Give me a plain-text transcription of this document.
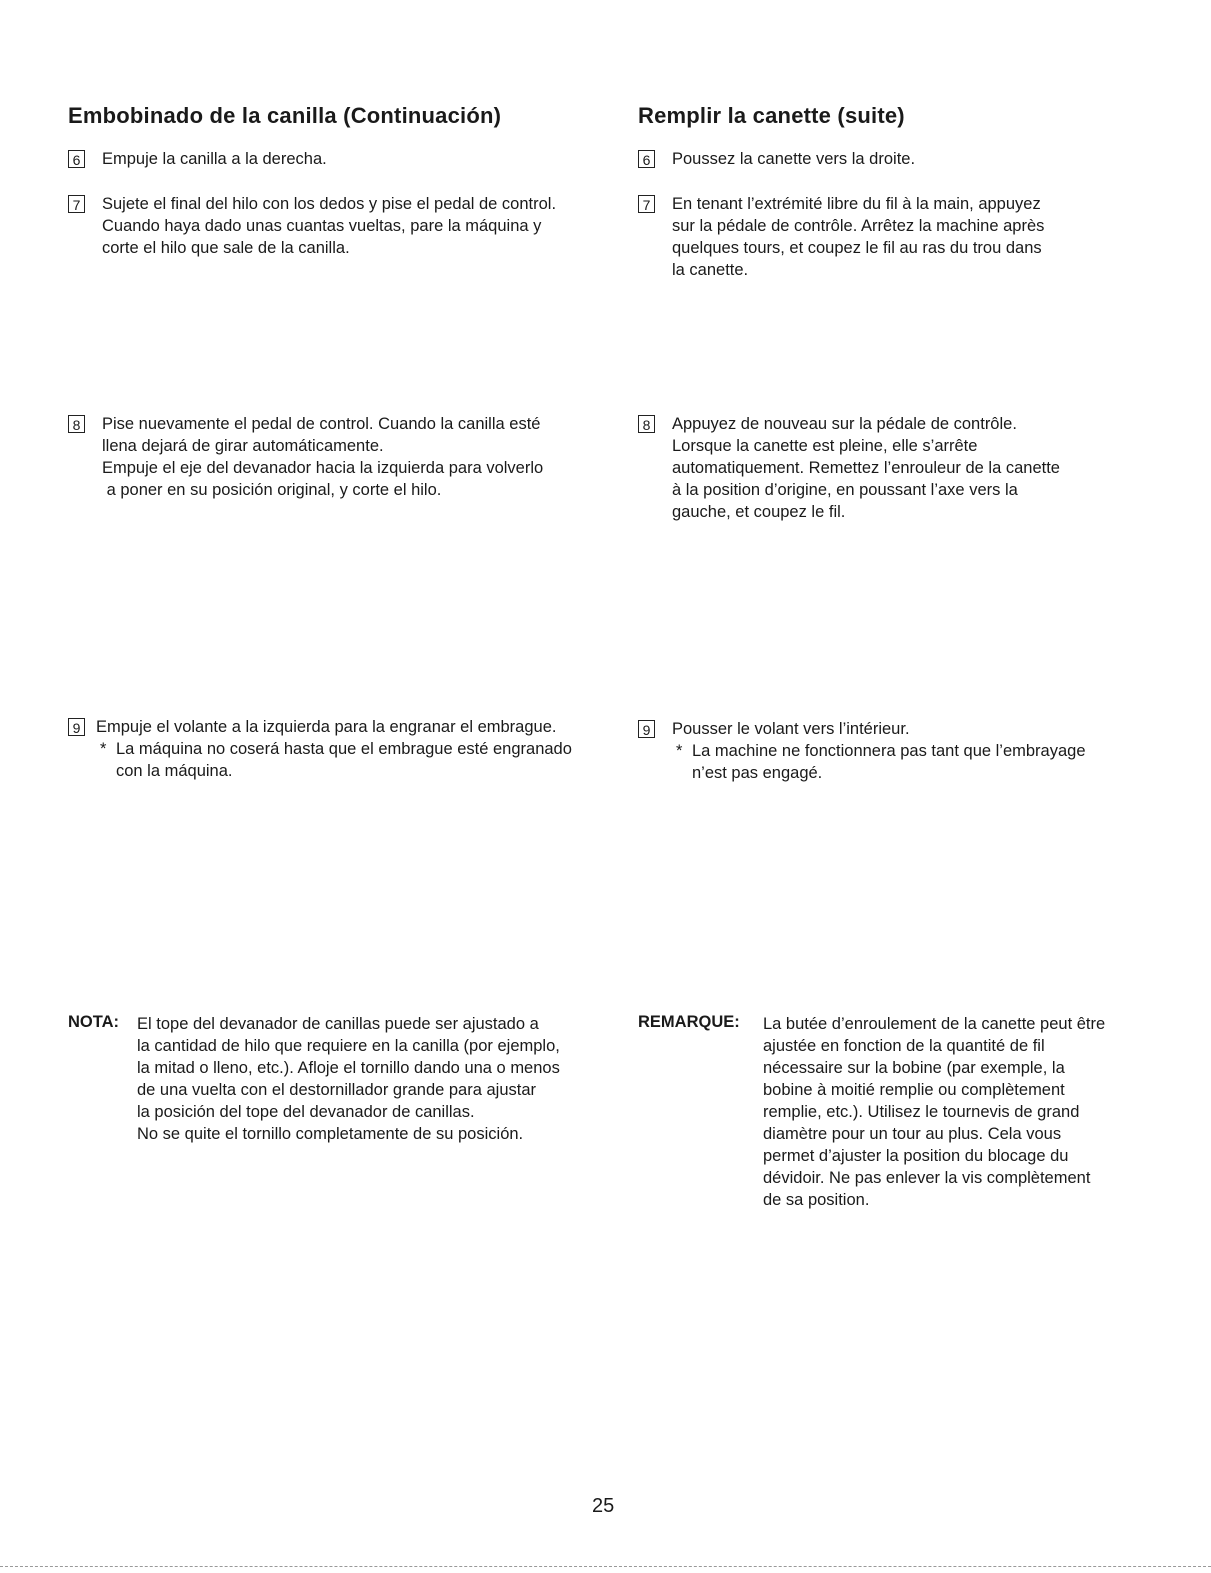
Embobinado de la canilla (Continuación)
6 Empuje la canilla a la derecha.
7 Sujete el final del hilo con los dedos y pise el pedal de control.
Cuando haya dado unas cuantas vueltas, pare la máquina y
corte el hilo que sale de la canilla.
8 Pise nuevamente el pedal de control. Cuando la canilla esté
llena dejará de girar automáticamente.
Empuje el eje del devanador hacia la izquierda para volverlo
a poner en su posición original, y corte el hilo.
9 Empuje el volante a la izquierda para la engranar el embrague.
* La máquina no coserá hasta que el embrague esté engranado
con la máquina.
NOTA: El tope del devanador de canillas puede ser ajustado a
la cantidad de hilo que requiere en la canilla (por ejemplo,
la mitad o lleno, etc.). Afloje el tornillo dando una o menos
de una vuelta con el destornillador grande para ajustar
la posición del tope del devanador de canillas.
No se quite el tornillo completamente de su posición.
Remplir la canette (suite)
6 Poussez la canette vers la droite.
7 En tenant l’extrémité libre du fil à la main, appuyez
sur la pédale de contrôle. Arrêtez la machine après
quelques tours, et coupez le fil au ras du trou dans
la canette.
8 Appuyez de nouveau sur la pédale de contrôle.
Lorsque la canette est pleine, elle s’arrête
automatiquement. Remettez l’enrouleur de la canette
à la position d’origine, en poussant l’axe vers la
gauche, et coupez le fil.
9 Pousser le volant vers l’intérieur.
* La machine ne fonctionnera pas tant que l’embrayage
n’est pas engagé.
REMARQUE: La butée d’enroulement de la canette peut être
ajustée en fonction de la quantité de fil
nécessaire sur la bobine (par exemple, la
bobine à moitié remplie ou complètement
remplie, etc.). Utilisez le tournevis de grand
diamètre pour un tour au plus. Cela vous
permet d’ajuster la position du blocage du
dévidoir. Ne pas enlever la vis complètement
de sa position.
25
